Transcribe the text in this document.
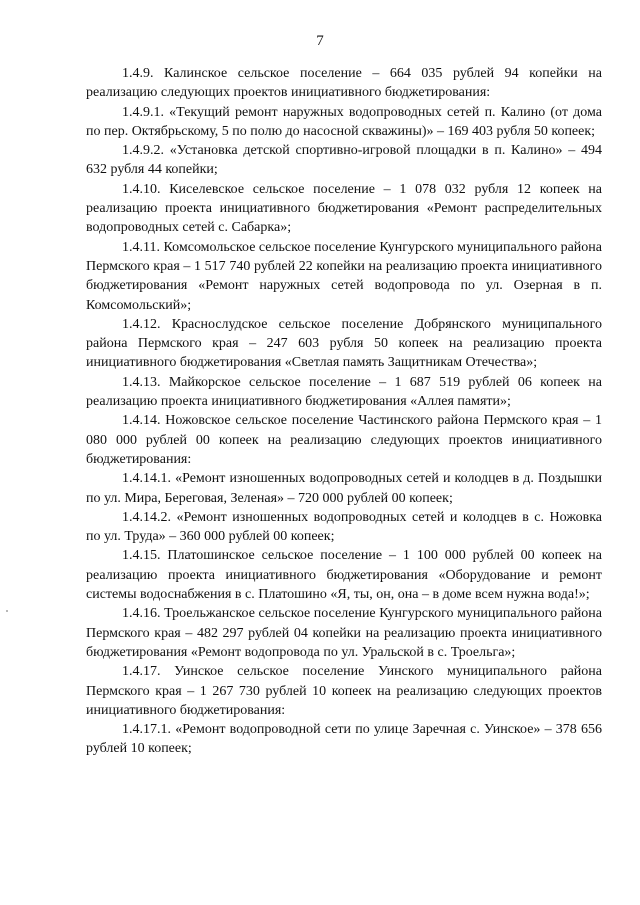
7

1.4.9. Калинское сельское поселение – 664 035 рублей 94 копейки на реализацию следующих проектов инициативного бюджетирования:

1.4.9.1. «Текущий ремонт наружных водопроводных сетей п. Калино (от дома по пер. Октябрьскому, 5 по полю до насосной скважины)» – 169 403 рубля 50 копеек;

1.4.9.2. «Установка детской спортивно-игровой площадки в п. Калино» – 494 632 рубля 44 копейки;

1.4.10. Киселевское сельское поселение – 1 078 032 рубля 12 копеек на реализацию проекта инициативного бюджетирования «Ремонт распределительных водопроводных сетей с. Сабарка»;

1.4.11. Комсомольское сельское поселение Кунгурского муниципального района Пермского края – 1 517 740 рублей 22 копейки на реализацию проекта инициативного бюджетирования «Ремонт наружных сетей водопровода по ул. Озерная в п. Комсомольский»;

1.4.12. Краснослудское сельское поселение Добрянского муниципального района Пермского края – 247 603 рубля 50 копеек на реализацию проекта инициативного бюджетирования «Светлая память Защитникам Отечества»;

1.4.13. Майкорское сельское поселение – 1 687 519 рублей 06 копеек на реализацию проекта инициативного бюджетирования «Аллея памяти»;

1.4.14. Ножовское сельское поселение Частинского района Пермского края – 1 080 000 рублей 00 копеек на реализацию следующих проектов инициативного бюджетирования:

1.4.14.1. «Ремонт изношенных водопроводных сетей и колодцев в д. Поздышки по ул. Мира, Береговая, Зеленая» – 720 000 рублей 00 копеек;

1.4.14.2. «Ремонт изношенных водопроводных сетей и колодцев в с. Ножовка по ул. Труда» – 360 000 рублей 00 копеек;

1.4.15. Платошинское сельское поселение – 1 100 000 рублей 00 копеек на реализацию проекта инициативного бюджетирования «Оборудование и ремонт системы водоснабжения в с. Платошино «Я, ты, он, она – в доме всем нужна вода!»;

1.4.16. Троельжанское сельское поселение Кунгурского муниципального района Пермского края – 482 297 рублей 04 копейки на реализацию проекта инициативного бюджетирования «Ремонт водопровода по ул. Уральской в с. Троельга»;

1.4.17. Уинское сельское поселение Уинского муниципального района Пермского края – 1 267 730 рублей 10 копеек на реализацию следующих проектов инициативного бюджетирования:

1.4.17.1. «Ремонт водопроводной сети по улице Заречная с. Уинское» – 378 656 рублей 10 копеек;
